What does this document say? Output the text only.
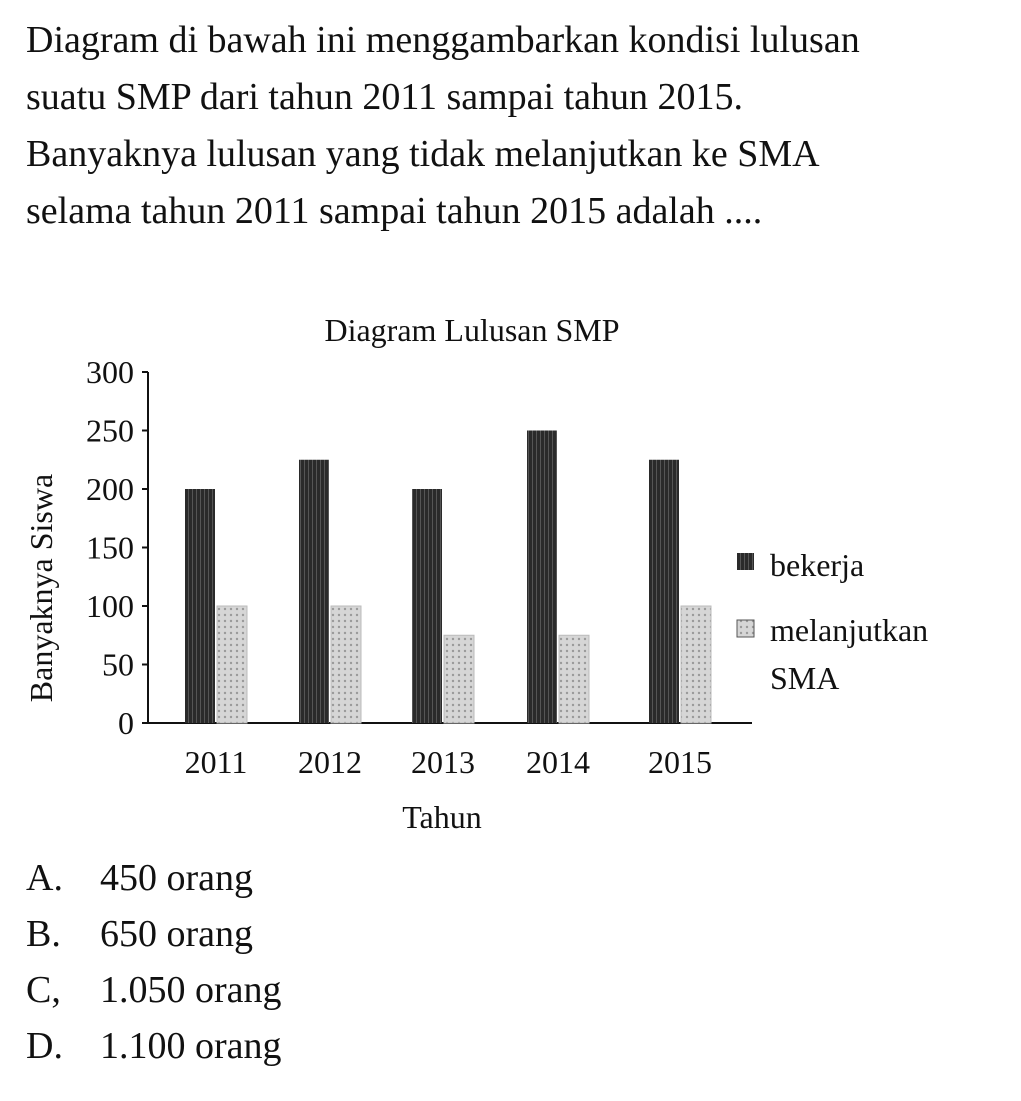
Diagram di bawah ini menggambarkan kondisi lulusan suatu SMP dari tahun 2011 sampai tahun 2015. Banyaknya lulusan yang tidak melanjutkan ke SMA selama tahun 2011 sampai tahun 2015 adalah ....

Diagram Lulusan SMP
Banyaknya Siswa
0
50
100
150
200
250
300
2011 2012 2013 2014 2015
Tahun
bekerja
melanjutkan SMA
A. 450 orang
B.	650 orang
C,	1.050 orang
D. 1.100 orang
